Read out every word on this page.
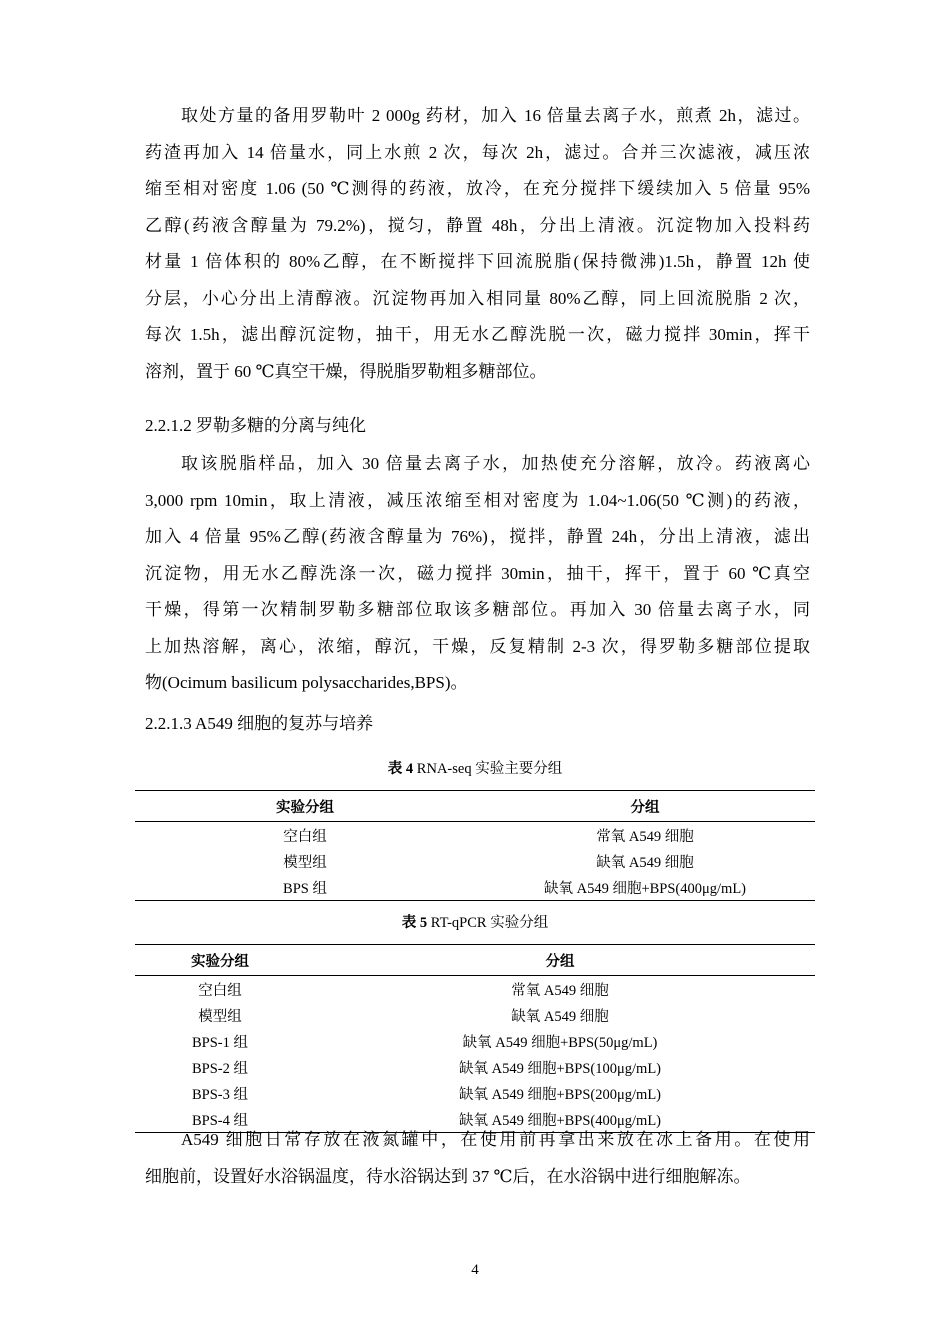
取处方量的备用罗勒叶 2 000g 药材，加入 16 倍量去离子水，煎煮 2h，滤过。
药渣再加入 14 倍量水，同上水煎 2 次，每次 2h，滤过。合并三次滤液，减压浓
缩至相对密度 1.06 (50 ℃测得的药液，放冷，在充分搅拌下缓续加入 5 倍量 95%
乙醇(药液含醇量为 79.2%)，搅匀，静置 48h，分出上清液。沉淀物加入投料药
材量 1 倍体积的 80%乙醇，在不断搅拌下回流脱脂(保持微沸)1.5h，静置 12h 使
分层，小心分出上清醇液。沉淀物再加入相同量 80%乙醇，同上回流脱脂 2 次，
每次 1.5h，滤出醇沉淀物，抽干，用无水乙醇洗脱一次，磁力搅拌 30min，挥干
溶剂，置于 60 ℃真空干燥，得脱脂罗勒粗多糖部位。
2.2.1.2 罗勒多糖的分离与纯化
取该脱脂样品，加入 30 倍量去离子水，加热使充分溶解，放冷。药液离心
3,000 rpm 10min，取上清液，减压浓缩至相对密度为 1.04~1.06(50 ℃测)的药液，
加入 4 倍量 95%乙醇(药液含醇量为 76%)，搅拌，静置 24h，分出上清液，滤出
沉淀物，用无水乙醇洗涤一次，磁力搅拌 30min，抽干，挥干，置于 60 ℃真空
干燥，得第一次精制罗勒多糖部位取该多糖部位。再加入 30 倍量去离子水，同
上加热溶解，离心，浓缩，醇沉，干燥，反复精制 2-3 次，得罗勒多糖部位提取
物(Ocimum basilicum polysaccharides,BPS)。
2.2.1.3 A549 细胞的复苏与培养
表 4 RNA-seq 实验主要分组
实验分组	分组
空白组	常氧 A549 细胞
模型组	缺氧 A549 细胞
BPS 组	缺氧 A549 细胞+BPS(400μg/mL)
表 5 RT-qPCR 实验分组
实验分组	分组
空白组	常氧 A549 细胞
模型组	缺氧 A549 细胞
BPS-1 组	缺氧 A549 细胞+BPS(50μg/mL)
BPS-2 组	缺氧 A549 细胞+BPS(100μg/mL)
BPS-3 组	缺氧 A549 细胞+BPS(200μg/mL)
BPS-4 组	缺氧 A549 细胞+BPS(400μg/mL)
A549 细胞日常存放在液氮罐中，在使用前再拿出来放在冰上备用。在使用
细胞前，设置好水浴锅温度，待水浴锅达到 37 ℃后，在水浴锅中进行细胞解冻。
4
